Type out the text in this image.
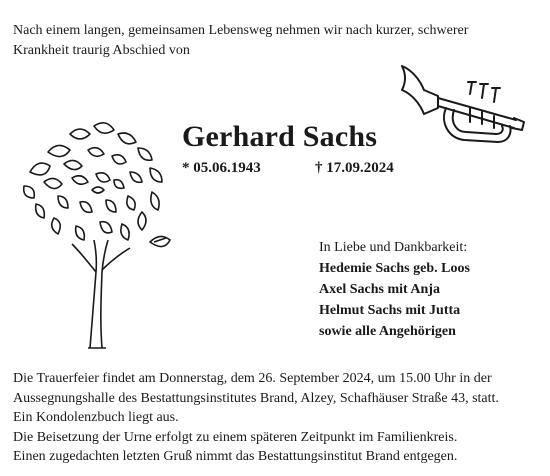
Nach einem langen, gemeinsamen Lebensweg nehmen wir nach kurzer, schwerer
Krankheit traurig Abschied von

Gerhard Sachs
* 05.06.1943	† 17.09.2024
In Liebe und Dankbarkeit:
Hedemie Sachs geb. Loos
Axel Sachs mit Anja
Helmut Sachs mit Jutta
sowie alle Angehörigen
Die Trauerfeier findet am Donnerstag, dem 26. September 2024, um 15.00 Uhr in der
Aussegnungshalle des Bestattungsinstitutes Brand, Alzey, Schafhäuser Straße 43, statt.
Ein Kondolenzbuch liegt aus.
Die Beisetzung der Urne erfolgt zu einem späteren Zeitpunkt im Familienkreis.
Einen zugedachten letzten Gruß nimmt das Bestattungsinstitut Brand entgegen.
